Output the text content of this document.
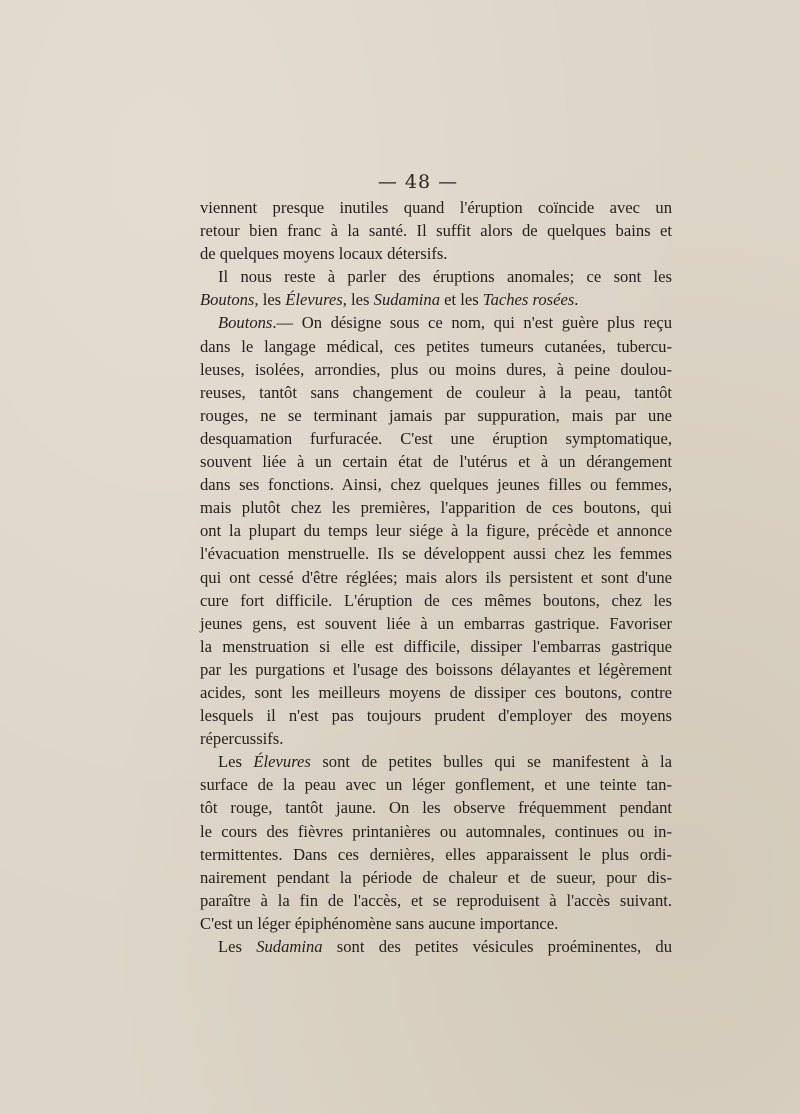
— 48 —

viennent presque inutiles quand l'éruption coïncide avec un

retour bien franc à la santé. Il suffit alors de quelques bains et

de quelques moyens locaux détersifs.

Il nous reste à parler des éruptions anomales; ce sont les

Boutons, les Élevures, les Sudamina et les Taches rosées.

Boutons.— On désigne sous ce nom, qui n'est guère plus reçu

dans le langage médical, ces petites tumeurs cutanées, tubercu-

leuses, isolées, arrondies, plus ou moins dures, à peine doulou-

reuses, tantôt sans changement de couleur à la peau, tantôt

rouges, ne se terminant jamais par suppuration, mais par une

desquamation furfuracée. C'est une éruption symptomatique,

souvent liée à un certain état de l'utérus et à un dérangement

dans ses fonctions. Ainsi, chez quelques jeunes filles ou femmes,

mais plutôt chez les premières, l'apparition de ces boutons, qui

ont la plupart du temps leur siége à la figure, précède et annonce

l'évacuation menstruelle. Ils se développent aussi chez les femmes

qui ont cessé d'être réglées; mais alors ils persistent et sont d'une

cure fort difficile. L'éruption de ces mêmes boutons, chez les

jeunes gens, est souvent liée à un embarras gastrique. Favoriser

la menstruation si elle est difficile, dissiper l'embarras gastrique

par les purgations et l'usage des boissons délayantes et légèrement

acides, sont les meilleurs moyens de dissiper ces boutons, contre

lesquels il n'est pas toujours prudent d'employer des moyens

répercussifs.

Les Élevures sont de petites bulles qui se manifestent à la

surface de la peau avec un léger gonflement, et une teinte tan-

tôt rouge, tantôt jaune. On les observe fréquemment pendant

le cours des fièvres printanières ou automnales, continues ou in-

termittentes. Dans ces dernières, elles apparaissent le plus ordi-

nairement pendant la période de chaleur et de sueur, pour dis-

paraître à la fin de l'accès, et se reproduisent à l'accès suivant.

C'est un léger épiphénomène sans aucune importance.

Les Sudamina sont des petites vésicules proéminentes, du
